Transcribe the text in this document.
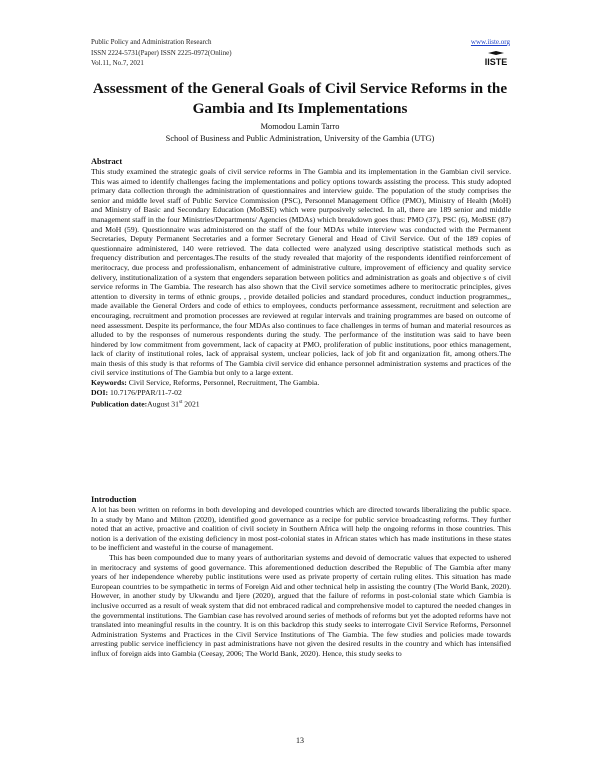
Public Policy and Administration Research
ISSN 2224-5731(Paper) ISSN 2225-0972(Online)
Vol.11, No.7, 2021
www.iiste.org
IISTE
Assessment of the General Goals of Civil Service Reforms in the
Gambia and Its Implementations
Momodou Lamin Tarro
School of Business and Public Administration, University of the Gambia (UTG)
Abstract

This study examined the strategic goals of civil service reforms in The Gambia and its implementation in the Gambian civil service. This was aimed to identify challenges facing the implementations and policy options towards assisting the process. This study adopted primary data collection through the administration of questionnaires and interview guide. The population of the study comprises the senior and middle level staff of Public Service Commission (PSC), Personnel Management Office (PMO), Ministry of Health (MoH) and Ministry of Basic and Secondary Education (MoBSE) which were purposively selected. In all, there are 189 senior and middle management staff in the four Ministries/Departments/ Agencies (MDAs) which breakdown goes thus: PMO (37), PSC (6), MoBSE (87) and MoH (59). Questionnaire was administered on the staff of the four MDAs while interview was conducted with the Permanent Secretaries, Deputy Permanent Secretaries and a former Secretary General and Head of Civil Service. Out of the 189 copies of questionnaire administered, 140 were retrieved. The data collected were analyzed using descriptive statistical methods such as frequency distribution and percentages.The results of the study revealed that majority of the respondents identified reinforcement of meritocracy, due process and professionalism, enhancement of administrative culture, improvement of efficiency and quality service delivery, institutionalization of a system that engenders separation between politics and administration as goals and objective s of civil service reforms in The Gambia. The research has also shown that the Civil service sometimes adhere to meritocratic principles, gives attention to diversity in terms of ethnic groups, , provide detailed policies and standard procedures, conduct induction programmes,, made available the General Orders and code of ethics to employees, conducts performance assessment, recruitment and selection are encouraging, recruitment and promotion processes are reviewed at regular intervals and training programmes are based on outcome of need assessment. Despite its performance, the four MDAs also continues to face challenges in terms of human and material resources as alluded to by the responses of numerous respondents during the study. The performance of the institution was said to have been hindered by low commitment from government, lack of capacity at PMO, proliferation of public institutions, poor ethics management, lack of clarity of institutional roles, lack of appraisal system, unclear policies, lack of job fit and organization fit, among others.The main thesis of this study is that reforms of The Gambia civil service did enhance personnel administration systems and practices of the civil service institutions of The Gambia but only to a large extent.

Keywords: Civil Service, Reforms, Personnel, Recruitment, The Gambia.
DOI: 10.7176/PPAR/11-7-02
Publication date:August 31st 2021
Introduction

A lot has been written on reforms in both developing and developed countries which are directed towards liberalizing the public space. In a study by Mano and Milton (2020), identified good governance as a recipe for public service broadcasting reforms. They further noted that an active, proactive and coalition of civil society in Southern Africa will help the ongoing reforms in those countries. This notion is a derivation of the existing deficiency in most post-colonial states in African states which has made institutions in these states to be inefficient and wasteful in the course of management.

This has been compounded due to many years of authoritarian systems and devoid of democratic values that expected to ushered in meritocracy and systems of good governance. This aforementioned deduction described the Republic of The Gambia after many years of her independence whereby public institutions were used as private property of certain ruling elites. This situation has made European countries to be sympathetic in terms of Foreign Aid and other technical help in assisting the country (The World Bank, 2020). However, in another study by Ukwandu and Ijere (2020), argued that the failure of reforms in post-colonial state which Gambia is inclusive occurred as a result of weak system that did not embraced radical and comprehensive model to captured the needed changes in the governmental institutions. The Gambian case has revolved around series of methods of reforms but yet the adopted reforms have not translated into meaningful results in the country. It is on this backdrop this study seeks to interrogate Civil Service Reforms, Personnel Administration Systems and Practices in the Civil Service Institutions of The Gambia. The few studies and policies made towards arresting public service inefficiency in past administrations have not given the desired results in the country and which has intensified influx of foreign aids into Gambia (Ceesay, 2006; The World Bank, 2020). Hence, this study seeks to

13
